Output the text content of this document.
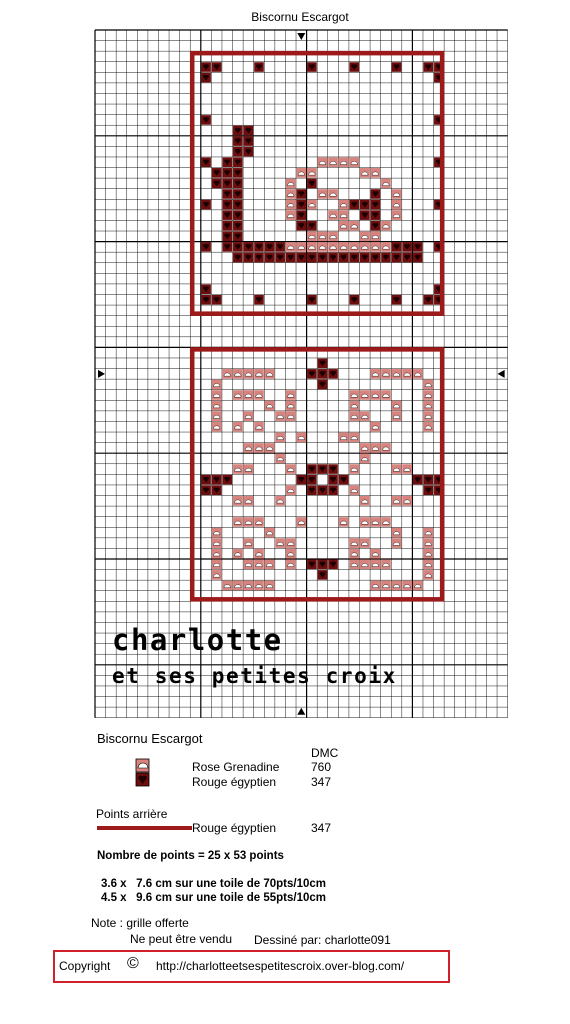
Biscornu Escargot
charlotte
et ses petites croix
Biscornu Escargot
DMC
Rose Grenadine	760
Rouge égyptien	347
Points arrière
Rouge égyptien	347
Nombre de points = 25 x 53 points
3.6 x   7.6 cm sur une toile de 70pts/10cm
4.5 x   9.6 cm sur une toile de 55pts/10cm
Note : grille offerte
Ne peut être vendu Dessiné par: charlotte091
Copyright © http://charlotteetsespetitescroix.over-blog.com/
